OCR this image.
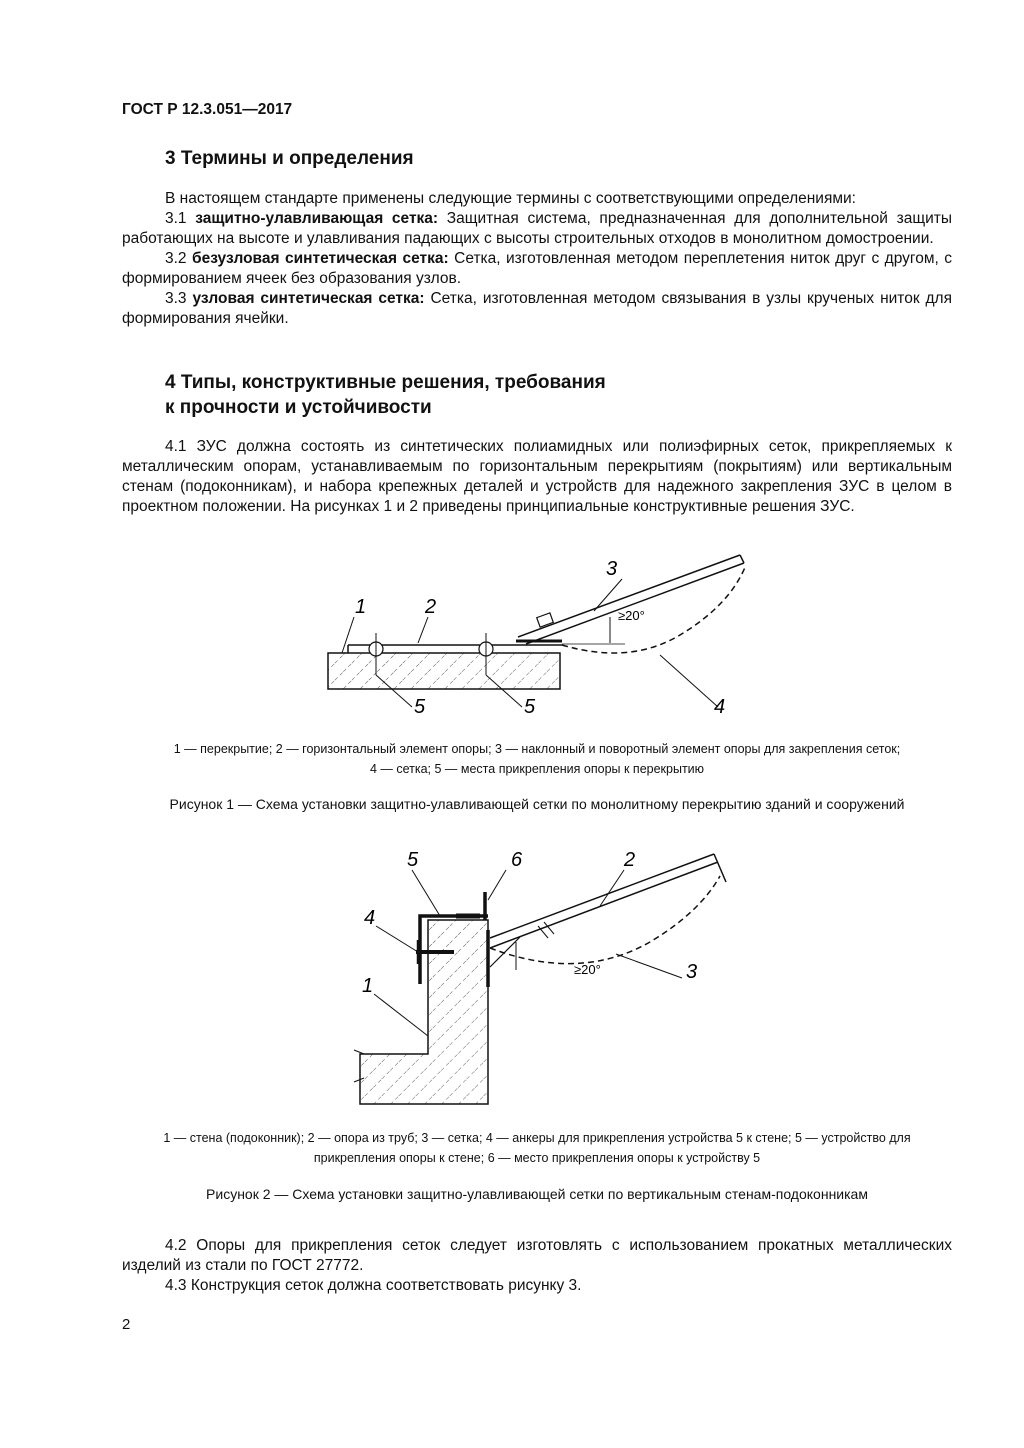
ГОСТ Р 12.3.051—2017
3 Термины и определения

В настоящем стандарте применены следующие термины с соответствующими определениями:

3.1 защитно-улавливающая сетка: Защитная система, предназначенная для дополнительной защиты работающих на высоте и улавливания падающих с высоты строительных отходов в монолитном домостроении.

3.2 безузловая синтетическая сетка: Сетка, изготовленная методом переплетения ниток друг с другом, с формированием ячеек без образования узлов.

3.3 узловая синтетическая сетка: Сетка, изготовленная методом связывания в узлы крученых ниток для формирования ячейки.

4 Типы, конструктивные решения, требования
к прочности и устойчивости

4.1 ЗУС должна состоять из синтетических полиамидных или полиэфирных сеток, прикрепляемых к металлическим опорам, устанавливаемым по горизонтальным перекрытиям (покрытиям) или вертикальным стенам (подоконникам), и набора крепежных деталей и устройств для надежного закрепления ЗУС в целом в проектном положении. На рисунках 1 и 2 приведены принципиальные конструктивные решения ЗУС.

1	2
3
4
5	5
≥20°
1 — перекрытие; 2 — горизонтальный элемент опоры; 3 — наклонный и поворотный элемент опоры для закрепления сеток;
4 — сетка; 5 — места прикрепления опоры к перекрытию
Рисунок 1 — Схема установки защитно-улавливающей сетки по монолитному перекрытию зданий и сооружений
5	6	2
4
1
3
≥20°
1 — стена (подоконник); 2 — опора из труб; 3 — сетка; 4 — анкеры для прикрепления устройства 5 к стене; 5 — устройство для
прикрепления опоры к стене; 6 — место прикрепления опоры к устройству 5
Рисунок 2 — Схема установки защитно-улавливающей сетки по вертикальным стенам-подоконникам

4.2 Опоры для прикрепления сеток следует изготовлять с использованием прокатных металлических изделий из стали по ГОСТ 27772.

4.3 Конструкция сеток должна соответствовать рисунку 3.

2
